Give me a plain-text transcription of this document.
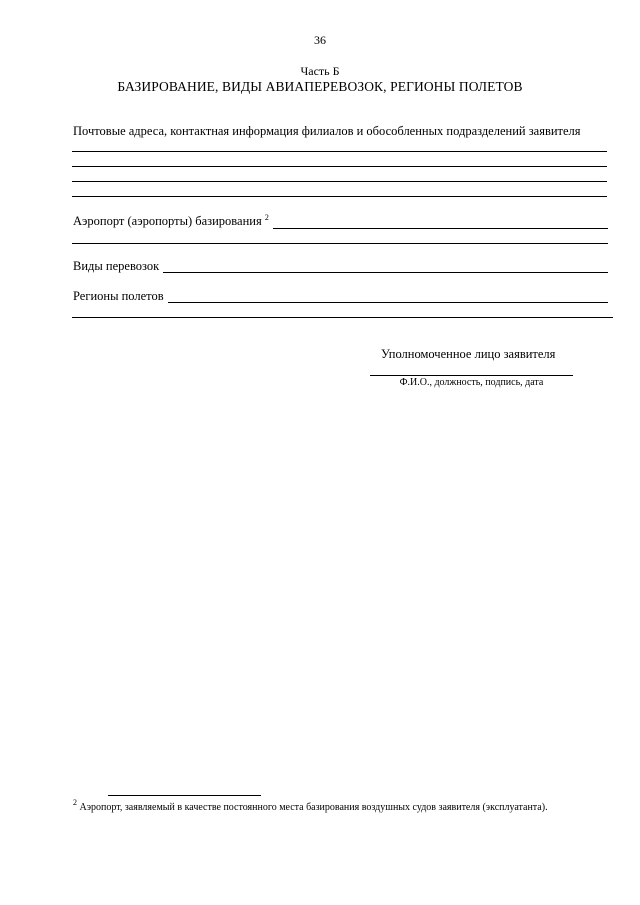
36
Часть Б
БАЗИРОВАНИЕ, ВИДЫ АВИАПЕРЕВОЗОК, РЕГИОНЫ ПОЛЕТОВ
Почтовые адреса, контактная информация филиалов и обособленных подразделений заявителя
Аэропорт (аэропорты) базирования $^2$
Виды перевозок
Регионы полетов
Уполномоченное лицо заявителя
Ф.И.О., должность, подпись, дата
$^2$ Аэропорт, заявляемый в качестве постоянного места базирования воздушных судов заявителя (эксплуатанта).
